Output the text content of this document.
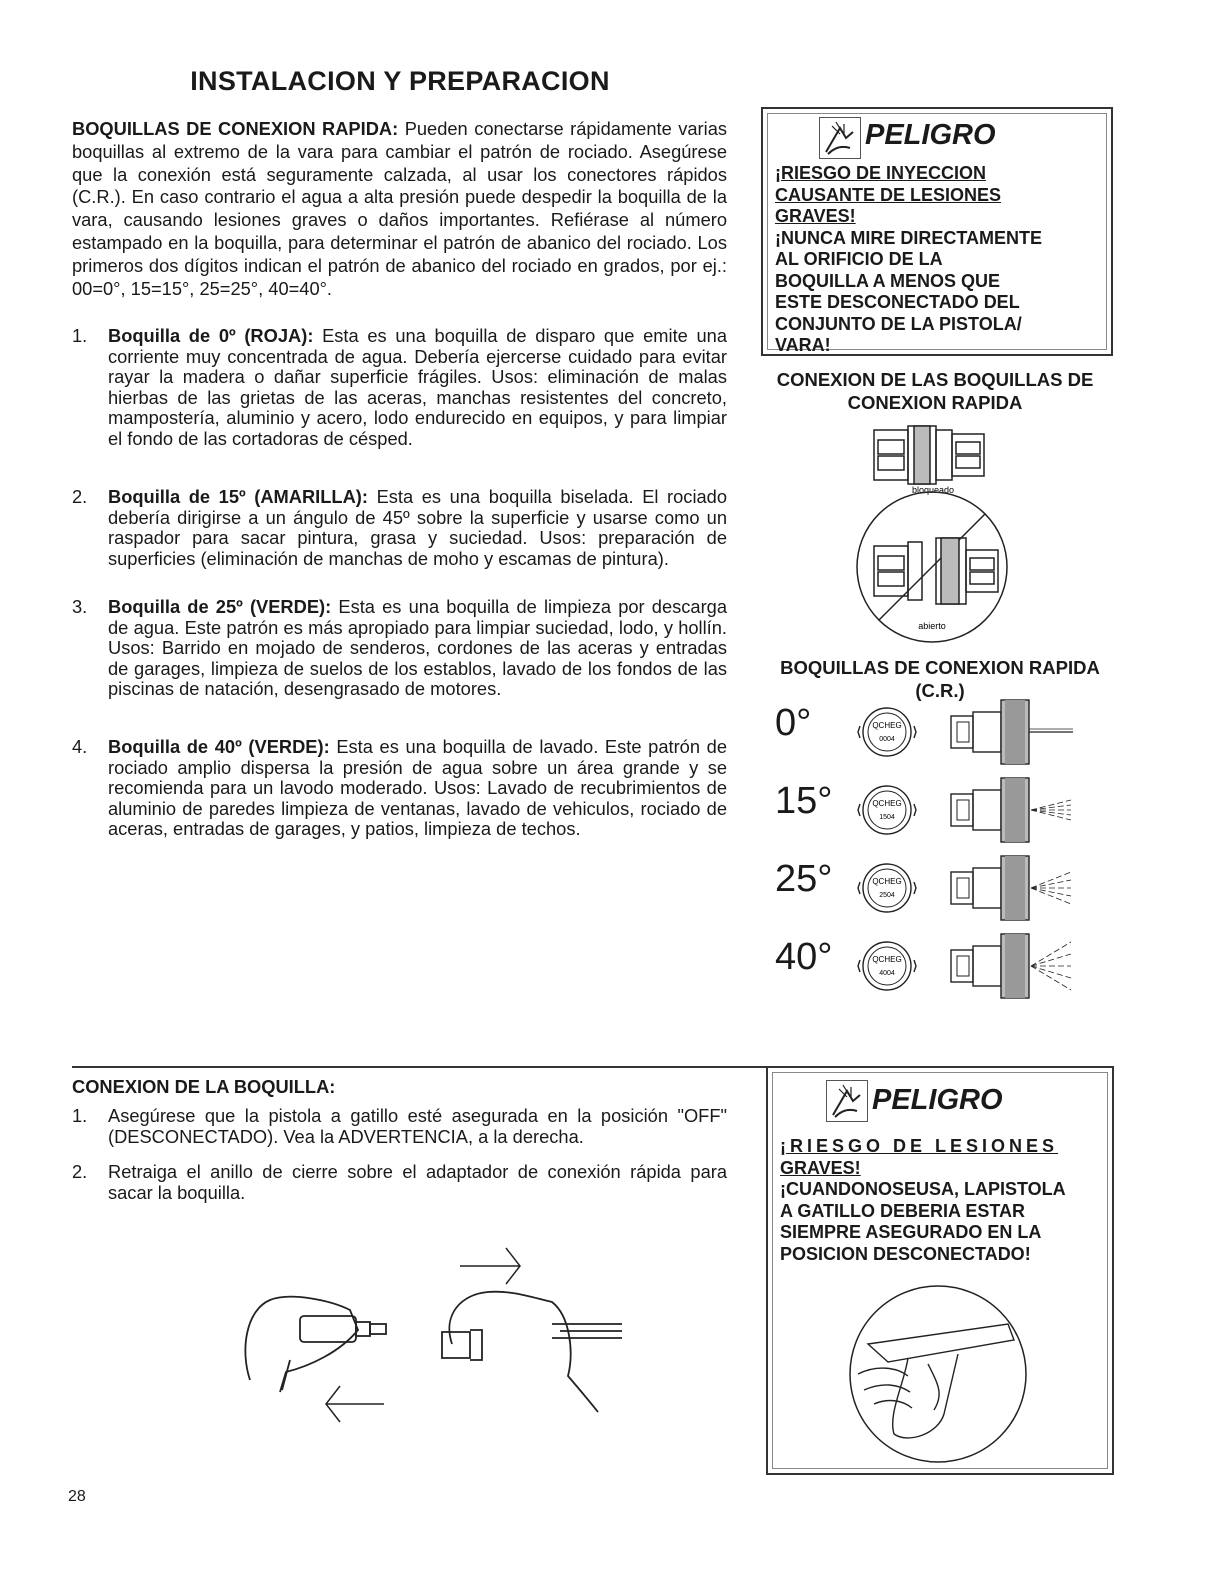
INSTALACION Y PREPARACION

BOQUILLAS DE CONEXION RAPIDA: Pueden conectarse rápidamente varias boquillas al extremo de la vara para cambiar el patrón de rociado. Asegúrese que la conexión está seguramente calzada, al usar los conectores rápidos (C.R.). En caso contrario el agua a alta presión puede despedir la boquilla de la vara, causando lesiones graves o daños importantes. Refiérase al número estampado en la boquilla, para determinar el patrón de abanico del rociado. Los primeros dos dígitos indican el patrón de abanico del rociado en grados, por ej.: 00=0°, 15=15°, 25=25°, 40=40°.

1. Boquilla de 0º (ROJA): Esta es una boquilla de disparo que emite una corriente muy concentrada de agua. Debería ejercerse cuidado para evitar rayar la madera o dañar superficie frágiles. Usos: eliminación de malas hierbas de las grietas de las aceras, manchas resistentes del concreto, mampostería, aluminio y acero, lodo endurecido en equipos, y para limpiar el fondo de las cortadoras de césped.
2. Boquilla de 15º (AMARILLA): Esta es una boquilla biselada. El rociado debería dirigirse a un ángulo de 45º sobre la superficie y usarse como un raspador para sacar pintura, grasa y suciedad. Usos: preparación de superficies (eliminación de manchas de moho y escamas de pintura).
3. Boquilla de 25º (VERDE): Esta es una boquilla de limpieza por descarga de agua. Este patrón es más apropiado para limpiar suciedad, lodo, y hollín. Usos: Barrido en mojado de senderos, cordones de las aceras y entradas de garages, limpieza de suelos de los establos, lavado de los fondos de las piscinas de natación, desengrasado de motores.
4. Boquilla de 40º (VERDE): Esta es una boquilla de lavado. Este patrón de rociado amplio dispersa la presión de agua sobre un área grande y se recomienda para un lavodo moderado. Usos: Lavado de recubrimientos de aluminio de paredes limpieza de ventanas, lavado de vehiculos, rociado de aceras, entradas de garages, y patios, limpieza de techos.
PELIGRO
¡RIESGO DE INYECCION
CAUSANTE DE LESIONES
GRAVES!
¡NUNCA MIRE DIRECTAMENTE
AL ORIFICIO DE LA
BOQUILLA A MENOS QUE
ESTE DESCONECTADO DEL
CONJUNTO DE LA PISTOLA/
VARA!
CONEXION DE LAS BOQUILLAS DE
CONEXION RAPIDA
bloqueado
abierto
BOQUILLAS DE CONEXION RAPIDA
(C.R.)
0°	QCHEG
0004
15°	QCHEG
1504
25°	QCHEG
2504
40°	QCHEG
4004
CONEXION DE LA BOQUILLA:
1. Asegúrese que la pistola a gatillo esté asegurada en la posición "OFF" (DESCONECTADO). Vea la ADVERTENCIA, a la derecha.
2. Retraiga el anillo de cierre sobre el adaptador de conexión rápida para sacar la boquilla.
PELIGRO
¡RIESGO DE LESIONES
GRAVES!
¡CUANDONOSEUSA, LAPISTOLA
A GATILLO DEBERIA ESTAR
SIEMPRE ASEGURADO EN LA
POSICION DESCONECTADO!
28
